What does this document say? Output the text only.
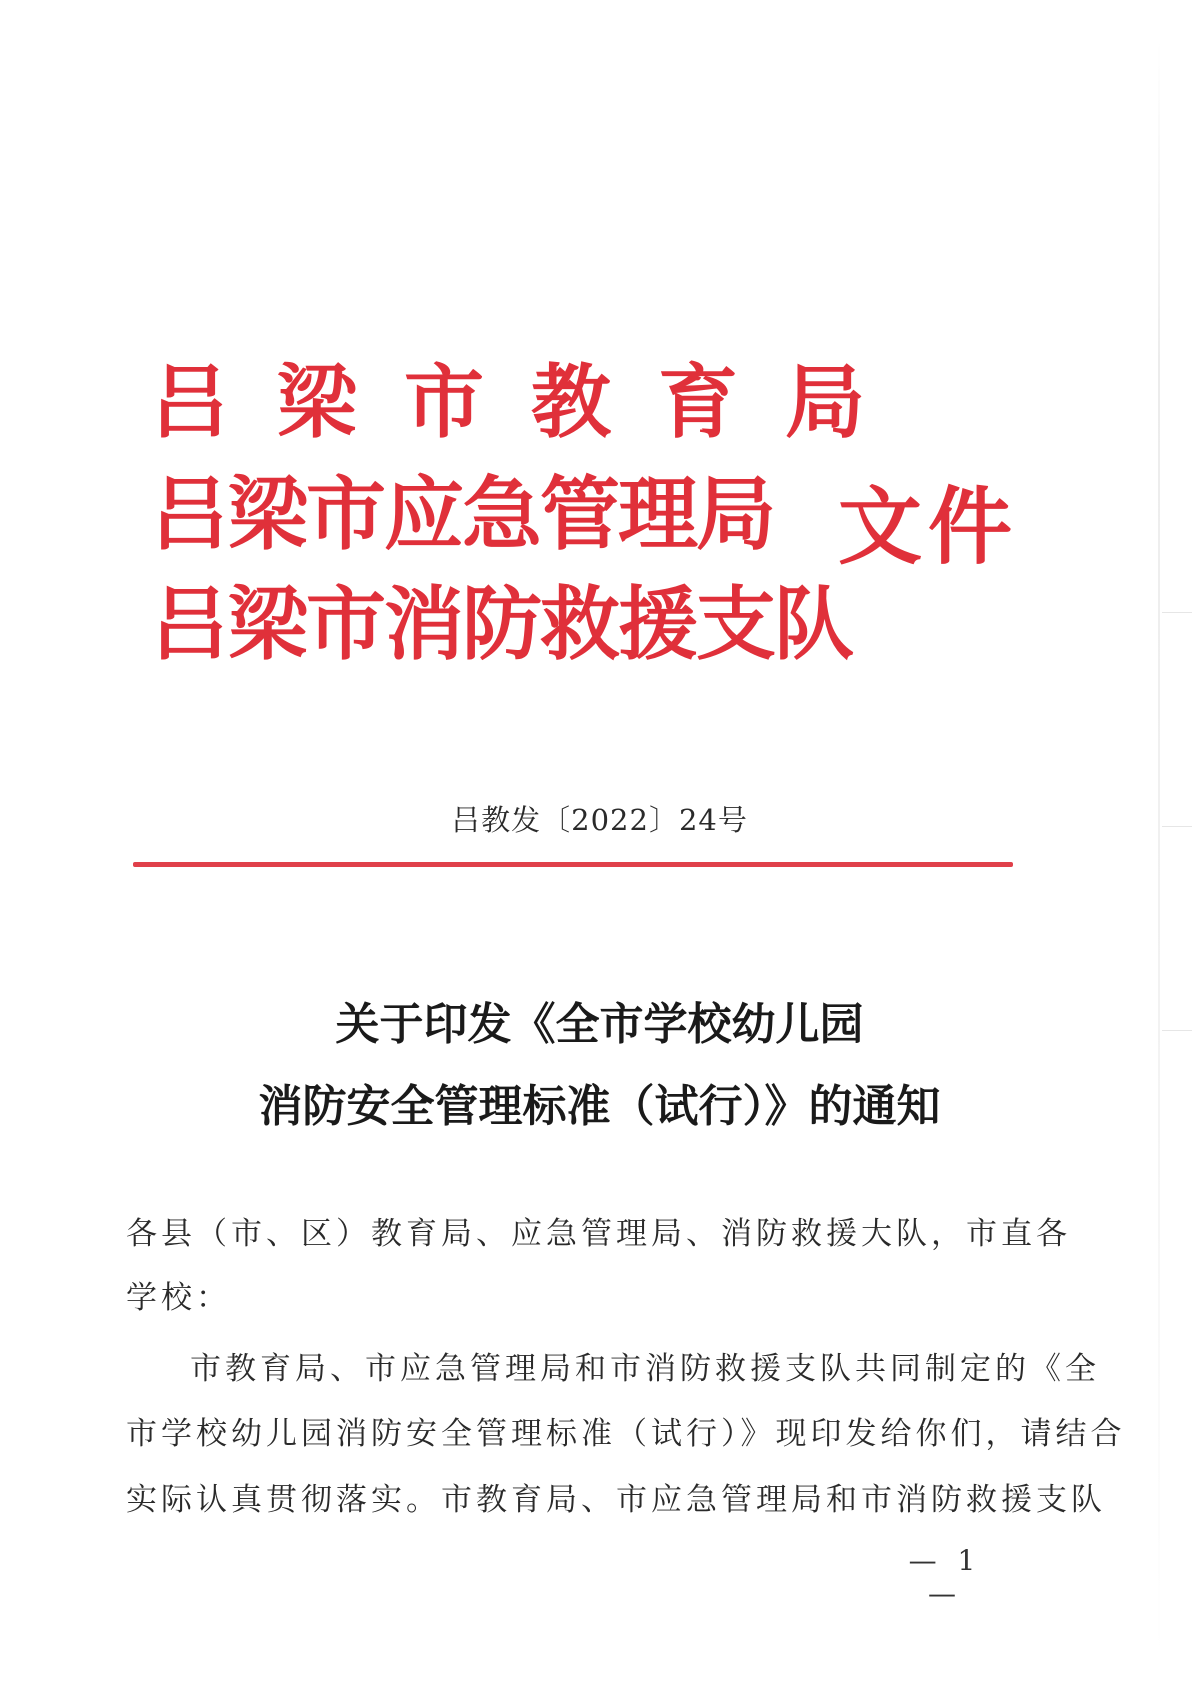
吕梁市教育局
吕梁市应急管理局
吕梁市消防救援支队
文件
吕教发〔2022〕24号
关于印发《全市学校幼儿园
消防安全管理标准（试行）》的通知
各县（市、区）教育局、应急管理局、消防救援大队，市直各
学校：
市教育局、市应急管理局和市消防救援支队共同制定的《全
市学校幼儿园消防安全管理标准（试行）》现印发给你们，请结合
实际认真贯彻落实。市教育局、市应急管理局和市消防救援支队
— 1 —
